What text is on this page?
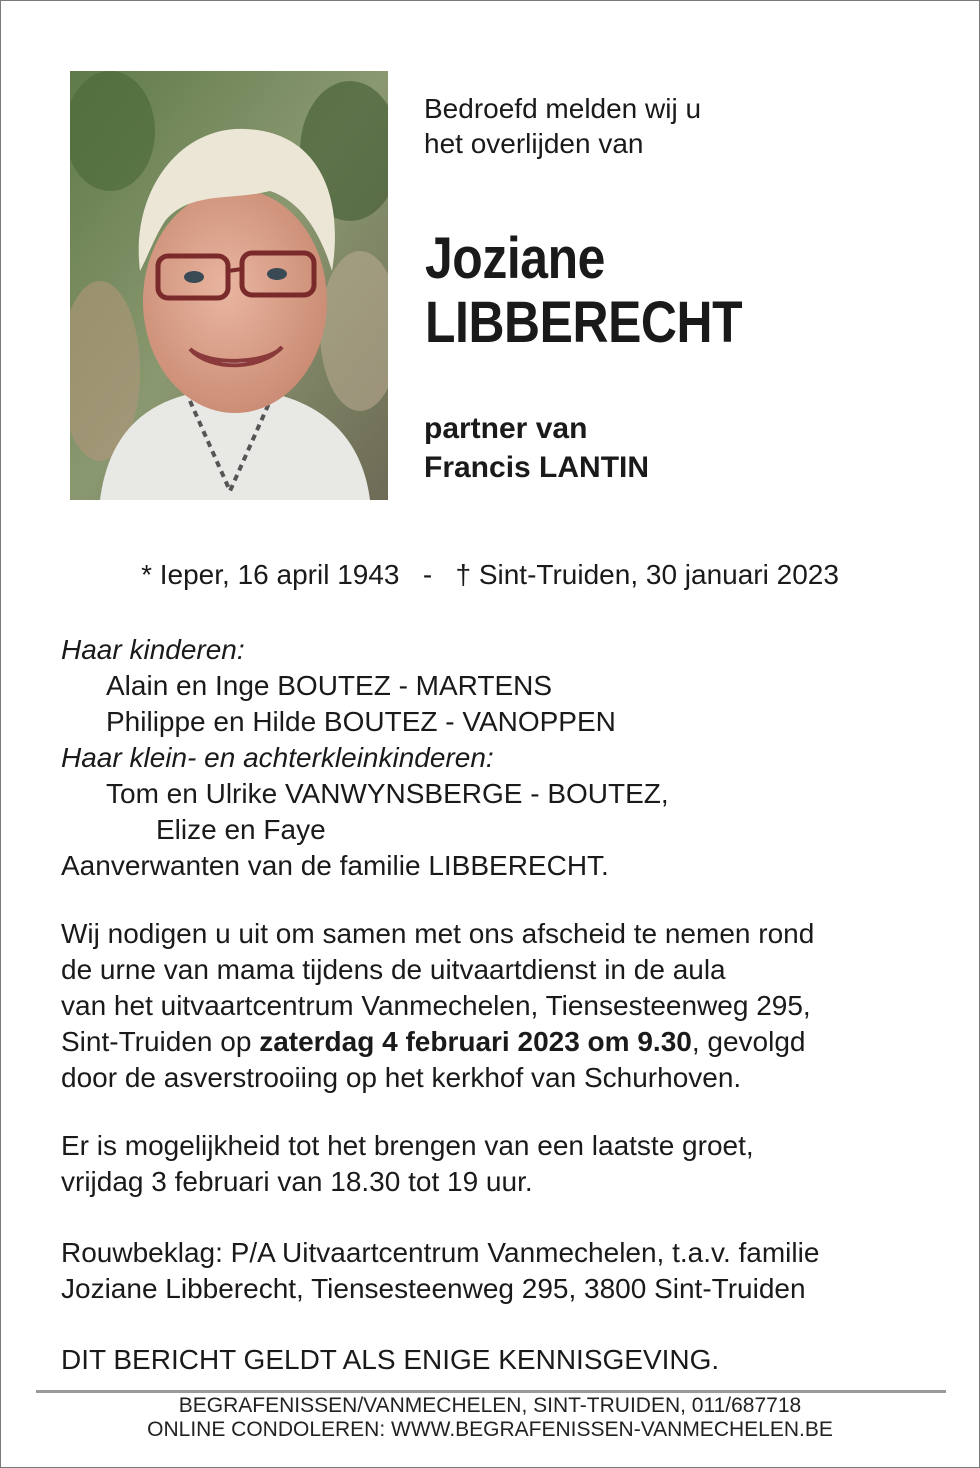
Bedroefd melden wij u
het overlijden van
Joziane
LIBBERECHT
partner van
Francis LANTIN
* Ieper, 16 april 1943   -   † Sint-Truiden, 30 januari 2023

Haar kinderen:

Alain en Inge BOUTEZ - MARTENS

Philippe en Hilde BOUTEZ - VANOPPEN

Haar klein- en achterkleinkinderen:

Tom en Ulrike VANWYNSBERGE - BOUTEZ,

Elize en Faye

Aanverwanten van de familie LIBBERECHT.

Wij nodigen u uit om samen met ons afscheid te nemen rond

de urne van mama tijdens de uitvaartdienst in de aula

van het uitvaartcentrum Vanmechelen, Tiensesteenweg 295,

Sint-Truiden op zaterdag 4 februari 2023 om 9.30, gevolgd

door de asverstrooiing op het kerkhof van Schurhoven.

Er is mogelijkheid tot het brengen van een laatste groet,

vrijdag 3 februari van 18.30 tot 19 uur.

Rouwbeklag: P/A Uitvaartcentrum Vanmechelen, t.a.v. familie

Joziane Libberecht, Tiensesteenweg 295, 3800 Sint-Truiden

DIT BERICHT GELDT ALS ENIGE KENNISGEVING.

BEGRAFENISSEN/VANMECHELEN, SINT-TRUIDEN, 011/687718
ONLINE CONDOLEREN: WWW.BEGRAFENISSEN-VANMECHELEN.BE
